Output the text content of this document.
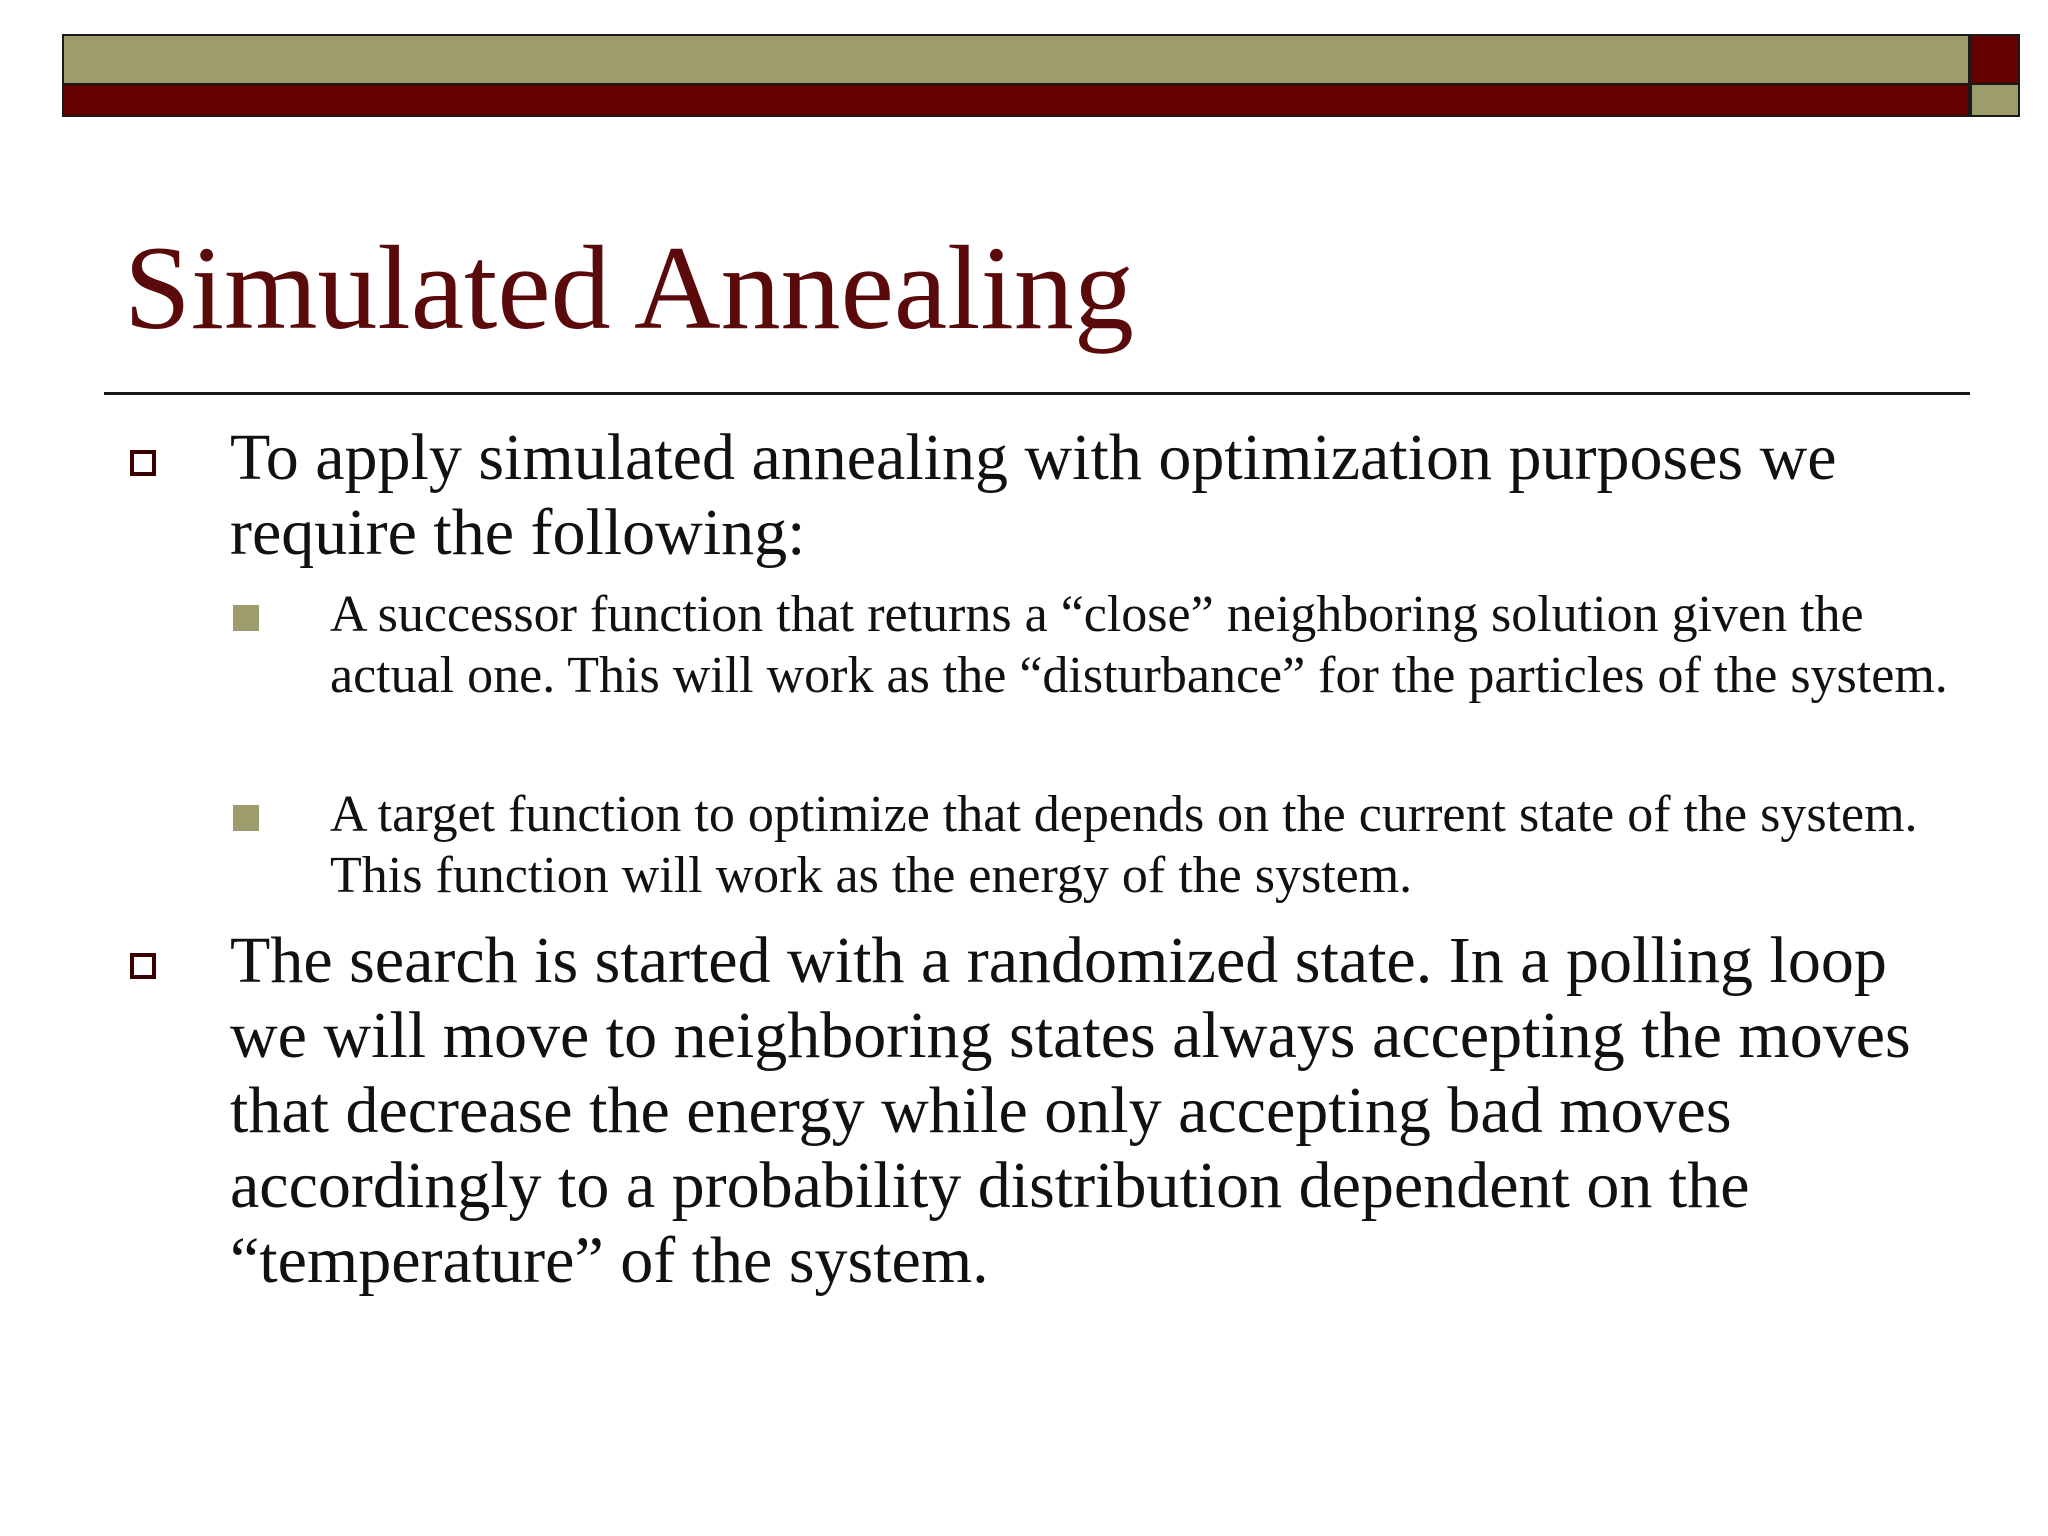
Simulated Annealing
To apply simulated annealing with optimization purposes we require the following:
A successor function that returns a “close” neighboring solution given the actual one. This will work as the “disturbance” for the particles of the system.
A target function to optimize that depends on the current state of the system. This function will work as the energy of the system.
The search is started with a randomized state. In a polling loop we will move to neighboring states always accepting the moves that decrease the energy while only accepting bad moves accordingly to a probability distribution dependent on the “temperature” of the system.
